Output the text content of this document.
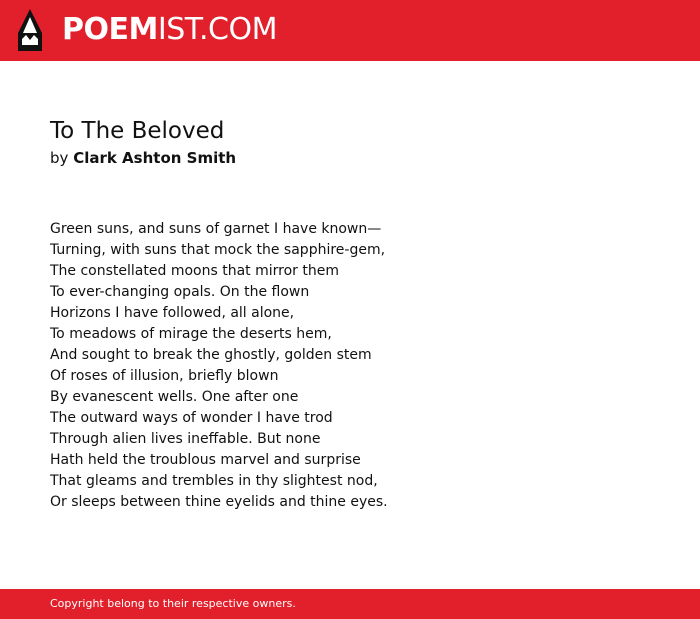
POEMIST.COM
To The Beloved
by Clark Ashton Smith
Green suns, and suns of garnet I have known—
Turning, with suns that mock the sapphire-gem,
The constellated moons that mirror them
To ever-changing opals. On the flown
Horizons I have followed, all alone,
To meadows of mirage the deserts hem,
And sought to break the ghostly, golden stem
Of roses of illusion, briefly blown
By evanescent wells. One after one
The outward ways of wonder I have trod
Through alien lives ineffable. But none
Hath held the troublous marvel and surprise
That gleams and trembles in thy slightest nod,
Or sleeps between thine eyelids and thine eyes.
Copyright belong to their respective owners.
